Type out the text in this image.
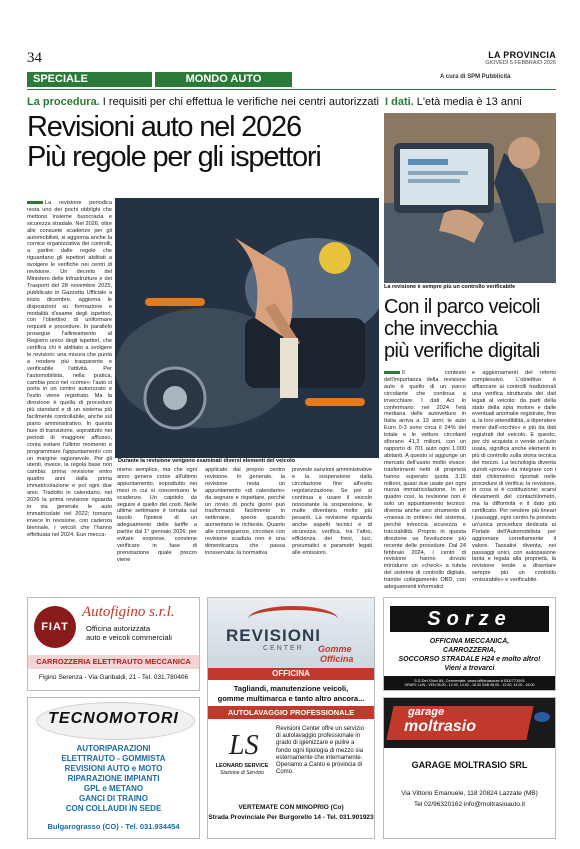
34	LA PROVINCIA
GIOVEDÌ 5 FEBBRAIO 2026
SPECIALE	MONDO AUTO	A cura di SPM Pubblicità
La procedura. I requisiti per chi effettua le verifiche nei centri autorizzati
Revisioni auto nel 2026
Più regole per gli ispettori
Durante la revisione vengono esaminati diversi elementi del veicolo
La revisione periodica resta uno dei pochi obblighi che mettono insieme burocrazia e sicurezza stradale. Nel 2026, oltre alle consuete scadenze per gli automobilisti, si aggiorna anche la cornice organizzativa dei controlli, a partire dalle regole che riguardano gli ispettori abilitati a svolgere le verifiche nei centri di revisione. Un decreto del Ministero delle Infrastrutture e dei Trasporti del 28 novembre 2025, pubblicato in Gazzetta Ufficiale a inizio dicembre, aggiorna le disposizioni su formazione e modalità d'esame degli ispettori, con l'obiettivo di uniformare requisiti e procedure. In parallelo prosegue l'allineamento al Registro unico degli ispettori, che certifica chi è abilitato a svolgere le revisioni: una misura che punta a rendere più trasparente e verificabile l'attività. Per l'automobilista, nella pratica, cambia poco nel «come»: l'auto si porta in un centro autorizzato e l'esito viene registrato. Ma la direzione è quella di procedure più standard e di un sistema più facilmente controllabile, anche sul piano amministrativo. In questa fase di transizione, soprattutto nei periodi di maggiore afflusso, conta evitare l'ultimo momento e programmare l'appuntamento con un margine ragionevole. Per gli utenti, invece, la regola base non cambia: prima revisione entro quattro anni dalla prima immatricolazione e poi ogni due anni. Tradotto in calendario, nel 2026 la prima revisione riguarda in via generale le auto immatricolate nel 2022; tornano invece in revisione, con cadenza biennale, i veicoli che l'hanno effettuata nel 2024. Eun mecca-
nismo semplice, ma che ogni anno genera corse all'ultimo appuntamento, soprattutto nei mesi in cui si concentrano le scadenze. Un capitolo da seguire è quello dei costi. Nelle ultime settimane è tornata sul tavolo l'ipotesi di un adeguamento delle tariffe a partire dal 1° gennaio 2026: per evitare sorprese, conviene verificare in fase di prenotazione quale prezzo viene
applicato dal proprio centro revisione. In generale, la revisione resta un appuntamento «di calendario» da segnare e rispettare, perché un rinvio di pochi giorni può trasformarsi facilmente in settimane, specie quando aumentano le richieste. Quanto alle conseguenze, circolare con revisione scaduta non è una dimenticanza che passa inosservata: la normativa
prevede sanzioni amministrative e la sospensione dalla circolazione fino all'esito regolarizzazione. Se poi si continua a usare il veicolo nonostante la sospensione, le multe diventano molto più pesanti. La revisione riguarda anche aspetti tecnici e di sicurezza: verifica, tra l'altro, efficienza dei freni, luci, pneumatici e parametri legati alle emissioni.
I dati. L'età media è 13 anni
La revisione è sempre più un controllo verificabile
Con il parco veicoli
che invecchia
più verifiche digitali
Il contesto dell'importanza della revisione auto è quello di un parco circolante che continua a invecchiare. I dati Aci lo confermano: nel 2024 l'età mediana delle autovetture in Italia arriva a 13 anni; le auto Euro 0-3 sono circa il 24% del totale e le vetture circolanti sfiorano 41,3 milioni, con un rapporto di 701 auto ogni 1.000 abitanti. A questo si aggiunge un mercato dell'usato molto vivace: trasferimenti netti di proprietà hanno superato quota 3,15 milioni, quasi due usate per ogni nuova immatricolazione. In un quadro così, la revisione non è solo un appuntamento tecnico: diventa anche uno strumento di «messa in ordine» del sistema, perché intreccia sicurezza e tracciabilità. Proprio in questa direzione va l'evoluzione più recente delle procedure. Dal 24 febbraio 2024, i centri di revisione hanno dovuto introdurre un «check» a tutela del sistema di controllo digitale, tramite collegamento OBD, con adeguamenti informatici
e aggiornamenti del referto complessivo. L'obiettivo è affiancare ai controlli tradizionali una verifica strutturata dei dati legati al veicolo: da parti della stato della spia motore e dalle eventuali anomalie registrate, fino a, la loro attendibilità, a dipendere meno dall'«occhio» e più da dati registrati del veicolo. E questo, per chi acquista o vende un'auto usata, significa anche elementi in più di controllo sulla storia tecnica del mezzo. La tecnologia diventa quindi «prova» da integrare con i dati chilometrici riportati nelle procedure di verifica: la revisione, in cosa si è costituzione; scarsi rilevamenti del contachilometri, ma la difformità e il dato più certificato. Per rendere più lineari i passaggi, ogni centro fa previsto un'unica procedura dedicata al Portale dell'Automobilista per aggiornare correttamente il valore. Tassativi diventa, nei passaggi unici, con autopasione tanta e legata alla proprietà, la revisione tende a diventare sempre più un controllo «misurabile» e verificabile.
FIAT
Autofigino s.r.l.
Officina autorizzata
auto e veicoli commerciali
CARROZZERIA ELETTRAUTO MECCANICA
Figino Serenza - Via Garibaldi, 21 - Tel. 031.780406
REVISIONI
CENTER Gomme
Officina
OFFICINA
Tagliandi, manutenzione veicoli,
gomme multimarca e tanto altro ancora...
AUTOLAVAGGIO PROFESSIONALE
LS
LEONARD SERVICE
Stazione di Servizio
Revisioni Center offre un servizio di autolavaggio professionale in grado di igienizzare e pulire a fondo ogni tipologia di mezzo sia esternamente che internamente. Operiamo a Cantù e provincia di Como.
VERTEMATE CON MINOPRIO (Co)
Strada Provinciale Per Burgorello 14 - Tel. 031.901923
Sorze
OFFICINA MECCANICA,
CARROZZERIA,
SOCCORSO STRADALE H24 e molto altro!
Vieni a trovarci
S.S.Dei Giovi 84, Cermenate, www.officinasorze.it 031/771591
ORARI: LUN - VEN 08.00 - 12.00, 14.00 - 18.30 SAB 08.00 - 12.00, 14.00 - 16.00
TECNOMOTORI
AUTORIPARAZIONI
ELETTRAUTO - GOMMISTA
REVISIONI AUTO e MOTO
RIPARAZIONE IMPIANTI
GPL e METANO
GANCI DI TRAINO
CON COLLAUDI IN SEDE
Bulgarograsso (CO) - Tel. 031.934454
garage
moltrasio
GARAGE MOLTRASIO SRL
Via Vittorio Emanuele, 118 20824 Lazzate (MB)
Tel 02/96320162 info@moltrasioauto.it
